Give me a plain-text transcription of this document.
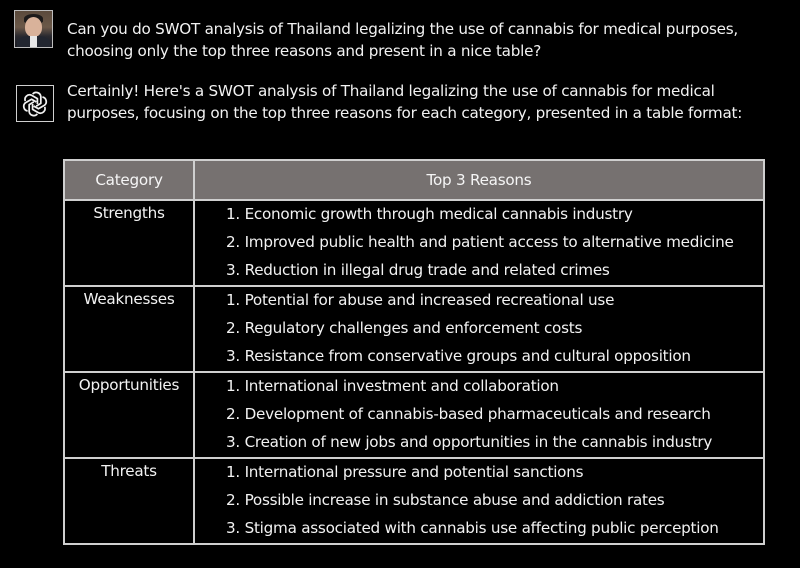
Can you do SWOT analysis of Thailand legalizing the use of cannabis for medical purposes,
choosing only the top three reasons and present in a nice table?
Certainly! Here's a SWOT analysis of Thailand legalizing the use of cannabis for medical
purposes, focusing on the top three reasons for each category, presented in a table format:
Category	Top 3 Reasons
Strengths	1. Economic growth through medical cannabis industry
2. Improved public health and patient access to alternative medicine
3. Reduction in illegal drug trade and related crimes

Weaknesses	1. Potential for abuse and increased recreational use
2. Regulatory challenges and enforcement costs
3. Resistance from conservative groups and cultural opposition

Opportunities	1. International investment and collaboration
2. Development of cannabis-based pharmaceuticals and research
3. Creation of new jobs and opportunities in the cannabis industry

Threats	1. International pressure and potential sanctions
2. Possible increase in substance abuse and addiction rates
3. Stigma associated with cannabis use affecting public perception
